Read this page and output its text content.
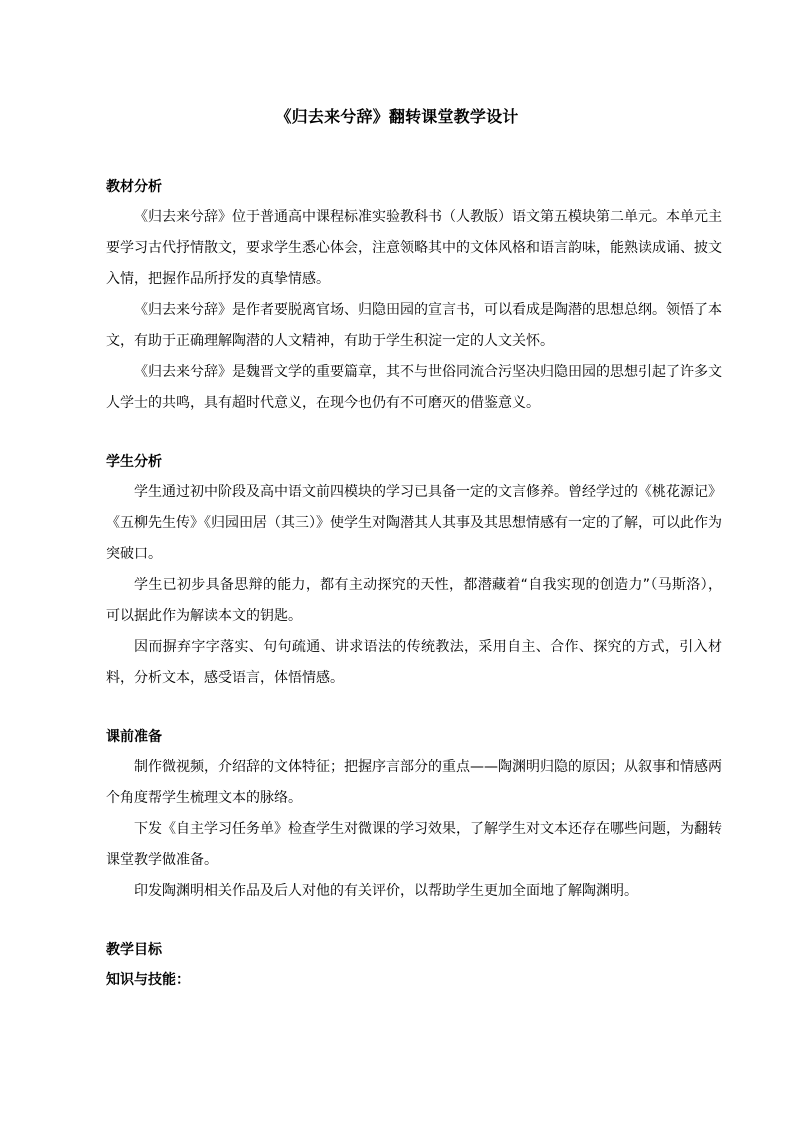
《归去来兮辞》翻转课堂教学设计

教材分析

《归去来兮辞》位于普通高中课程标准实验教科书（人教版）语文第五模块第二单元。本单元主要学习古代抒情散文，要求学生悉心体会，注意领略其中的文体风格和语言韵味，能熟读成诵、披文入情，把握作品所抒发的真挚情感。

《归去来兮辞》是作者要脱离官场、归隐田园的宣言书，可以看成是陶潜的思想总纲。领悟了本文，有助于正确理解陶潜的人文精神，有助于学生积淀一定的人文关怀。

《归去来兮辞》是魏晋文学的重要篇章，其不与世俗同流合污坚决归隐田园的思想引起了许多文人学士的共鸣，具有超时代意义，在现今也仍有不可磨灭的借鉴意义。

学生分析

学生通过初中阶段及高中语文前四模块的学习已具备一定的文言修养。曾经学过的《桃花源记》《五柳先生传》《归园田居（其三）》使学生对陶潜其人其事及其思想情感有一定的了解，可以此作为突破口。

学生已初步具备思辩的能力，都有主动探究的天性，都潜藏着“自我实现的创造力”（马斯洛），可以据此作为解读本文的钥匙。

因而摒弃字字落实、句句疏通、讲求语法的传统教法，采用自主、合作、探究的方式，引入材料，分析文本，感受语言，体悟情感。

课前准备

制作微视频，介绍辞的文体特征；把握序言部分的重点——陶渊明归隐的原因；从叙事和情感两个角度帮学生梳理文本的脉络。

下发《自主学习任务单》检查学生对微课的学习效果，了解学生对文本还存在哪些问题，为翻转课堂教学做准备。

印发陶渊明相关作品及后人对他的有关评价，以帮助学生更加全面地了解陶渊明。

教学目标

知识与技能：
